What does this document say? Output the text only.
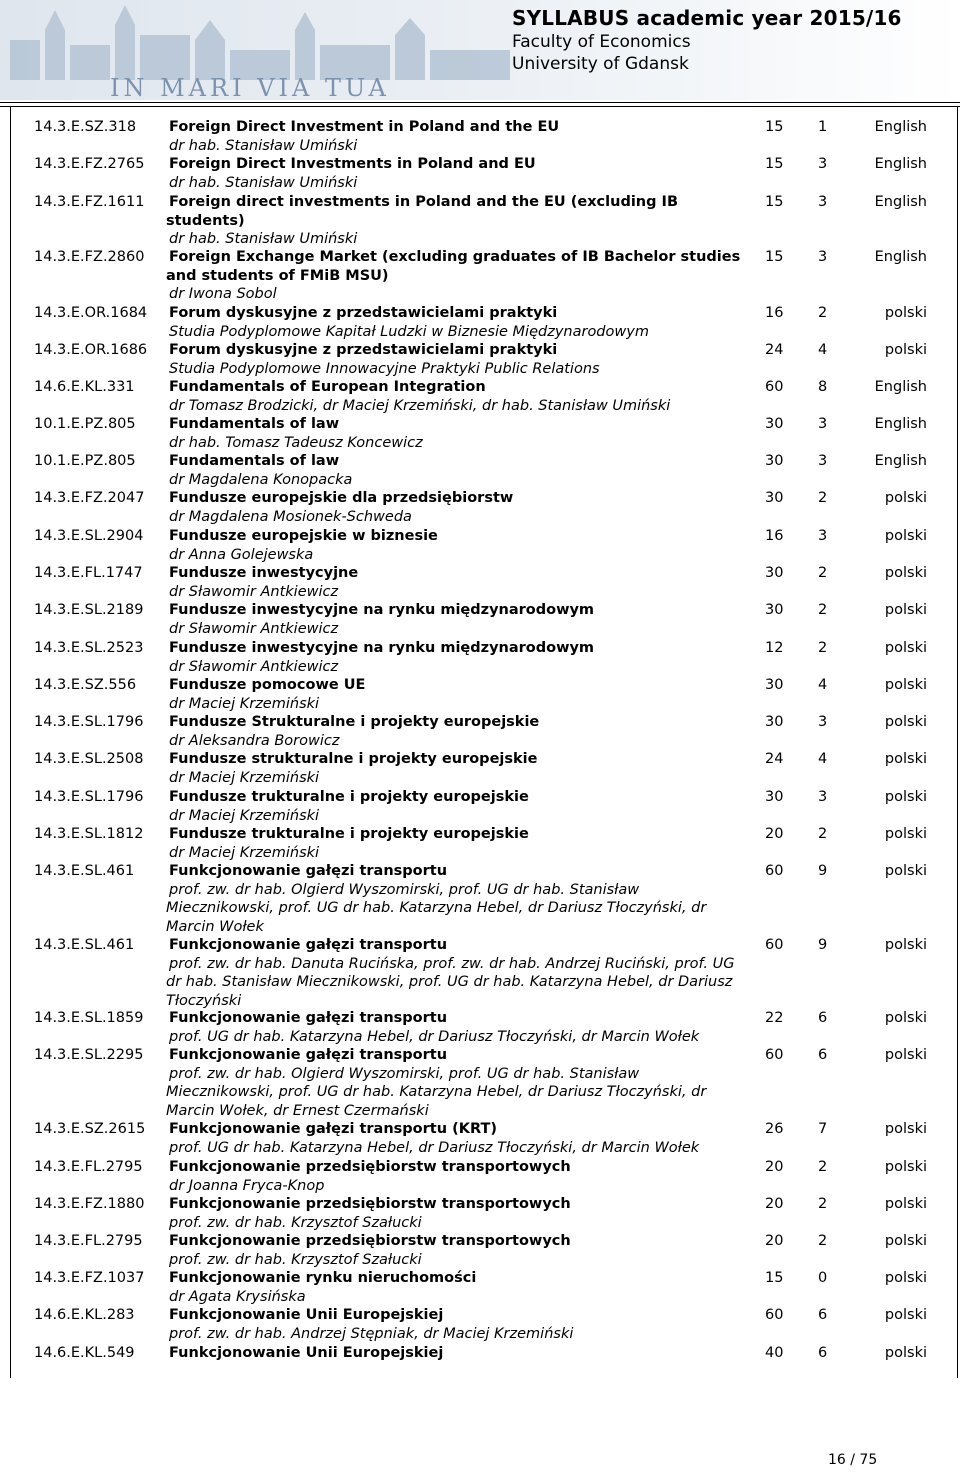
IN MARI VIA TUA
SYLLABUS academic year 2015/16
Faculty of Economics
University of Gdansk
14.3.E.SZ.318 Foreign Direct Investment in Poland and the EU
dr hab. Stanisław Umiński
15 1	English
14.3.E.FZ.2765 Foreign Direct Investments in Poland and EU
dr hab. Stanisław Umiński
15 3	English
14.3.E.FZ.1611 Foreign direct investments in Poland and the EU (excluding IB
students)
dr hab. Stanisław Umiński
15 3	English
14.3.E.FZ.2860 Foreign Exchange Market (excluding graduates of IB Bachelor studies
and students of FMiB MSU)
dr Iwona Sobol
15 3	English
14.3.E.OR.1684 Forum dyskusyjne z przedstawicielami praktyki
Studia Podyplomowe Kapitał Ludzki w Biznesie Międzynarodowym
16 2	polski
14.3.E.OR.1686 Forum dyskusyjne z przedstawicielami praktyki
Studia Podyplomowe Innowacyjne Praktyki Public Relations
24 4	polski
14.6.E.KL.331 Fundamentals of European Integration
dr Tomasz Brodzicki, dr Maciej Krzemiński, dr hab. Stanisław Umiński
60 8	English
10.1.E.PZ.805 Fundamentals of law
dr hab. Tomasz Tadeusz Koncewicz
30 3	English
10.1.E.PZ.805 Fundamentals of law
dr Magdalena Konopacka
30 3	English
14.3.E.FZ.2047 Fundusze europejskie dla przedsiębiorstw
dr Magdalena Mosionek-Schweda
30 2	polski
14.3.E.SL.2904 Fundusze europejskie w biznesie
dr Anna Golejewska
16 3	polski
14.3.E.FL.1747 Fundusze inwestycyjne
dr Sławomir Antkiewicz
30 2	polski
14.3.E.SL.2189 Fundusze inwestycyjne na rynku międzynarodowym
dr Sławomir Antkiewicz
30 2	polski
14.3.E.SL.2523 Fundusze inwestycyjne na rynku międzynarodowym
dr Sławomir Antkiewicz
12 2	polski
14.3.E.SZ.556 Fundusze pomocowe UE
dr Maciej Krzemiński
30 4	polski
14.3.E.SL.1796 Fundusze Strukturalne i projekty europejskie
dr Aleksandra Borowicz
30 3	polski
14.3.E.SL.2508 Fundusze strukturalne i projekty europejskie
dr Maciej Krzemiński
24 4	polski
14.3.E.SL.1796 Fundusze trukturalne i projekty europejskie
dr Maciej Krzemiński
30 3	polski
14.3.E.SL.1812 Fundusze trukturalne i projekty europejskie
dr Maciej Krzemiński
20 2	polski
14.3.E.SL.461 Funkcjonowanie gałęzi transportu
prof. zw. dr hab. Olgierd Wyszomirski, prof. UG dr hab. Stanisław
Miecznikowski, prof. UG dr hab. Katarzyna Hebel, dr Dariusz Tłoczyński, dr
Marcin Wołek
60 9	polski
14.3.E.SL.461 Funkcjonowanie gałęzi transportu
prof. zw. dr hab. Danuta Rucińska, prof. zw. dr hab. Andrzej Ruciński, prof. UG
dr hab. Stanisław Miecznikowski, prof. UG dr hab. Katarzyna Hebel, dr Dariusz
Tłoczyński
60 9	polski
14.3.E.SL.1859 Funkcjonowanie gałęzi transportu
prof. UG dr hab. Katarzyna Hebel, dr Dariusz Tłoczyński, dr Marcin Wołek
22 6	polski
14.3.E.SL.2295 Funkcjonowanie gałęzi transportu
prof. zw. dr hab. Olgierd Wyszomirski, prof. UG dr hab. Stanisław
Miecznikowski, prof. UG dr hab. Katarzyna Hebel, dr Dariusz Tłoczyński, dr
Marcin Wołek, dr Ernest Czermański
60 6	polski
14.3.E.SZ.2615 Funkcjonowanie gałęzi transportu (KRT)
prof. UG dr hab. Katarzyna Hebel, dr Dariusz Tłoczyński, dr Marcin Wołek
26 7	polski
14.3.E.FL.2795 Funkcjonowanie przedsiębiorstw transportowych
dr Joanna Fryca-Knop
20 2	polski
14.3.E.FZ.1880 Funkcjonowanie przedsiębiorstw transportowych
prof. zw. dr hab. Krzysztof Szałucki
20 2	polski
14.3.E.FL.2795 Funkcjonowanie przedsiębiorstw transportowych
prof. zw. dr hab. Krzysztof Szałucki
20 2	polski
14.3.E.FZ.1037 Funkcjonowanie rynku nieruchomości
dr Agata Krysińska
15 0	polski
14.6.E.KL.283 Funkcjonowanie Unii Europejskiej
prof. zw. dr hab. Andrzej Stępniak, dr Maciej Krzemiński
60 6	polski
14.6.E.KL.549 Funkcjonowanie Unii Europejskiej	40 6	polski
16 / 75
